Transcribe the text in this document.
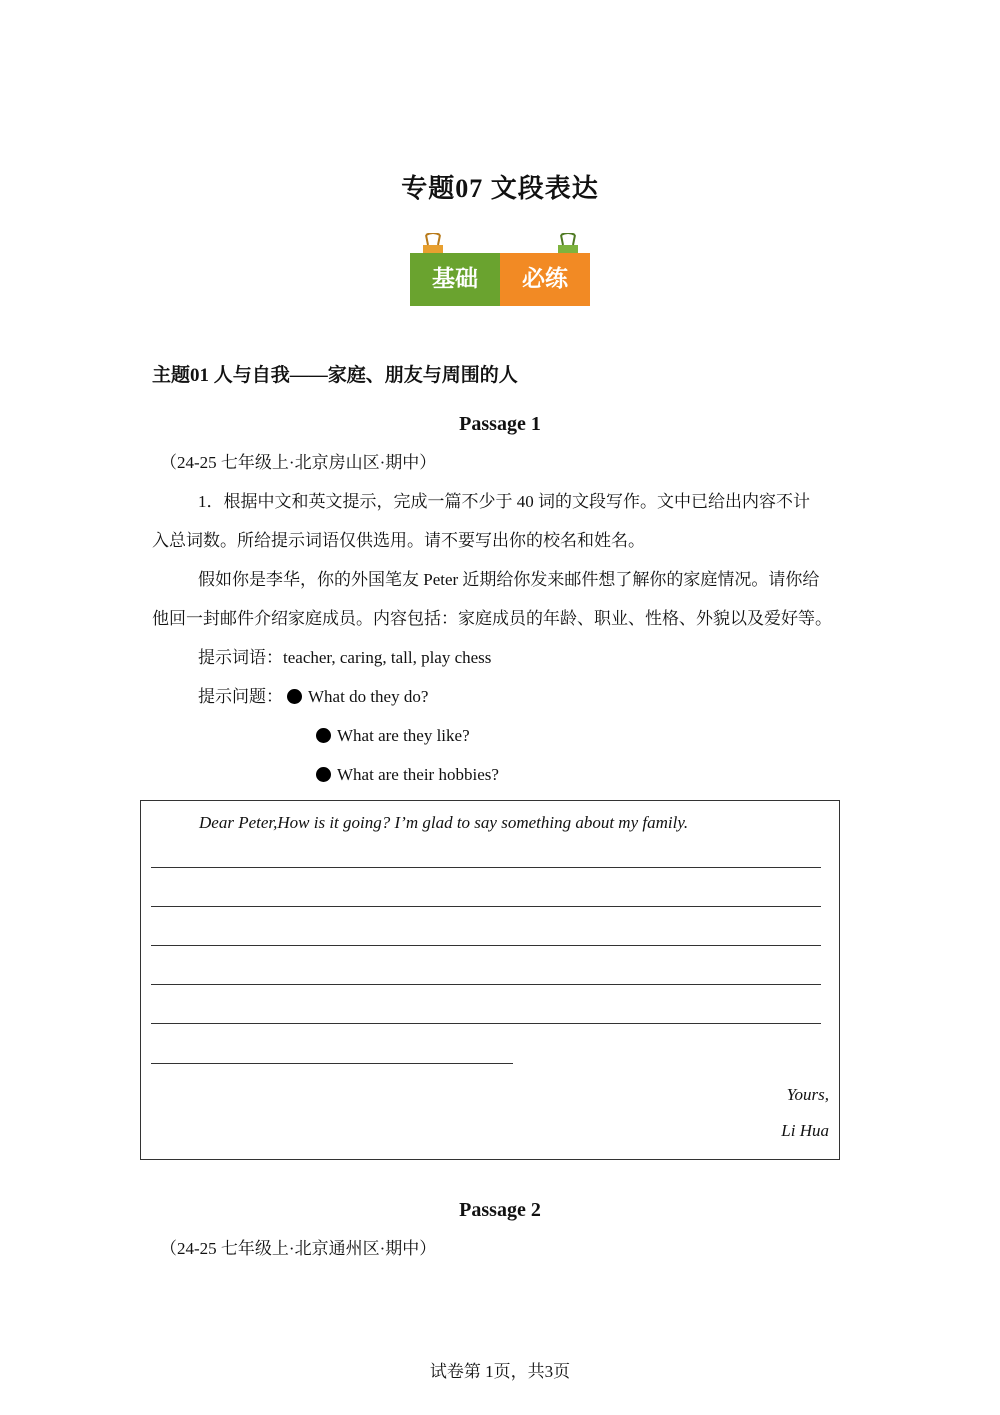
专题07 文段表达
基础	必练
主题01 人与自我——家庭、朋友与周围的人
Passage 1
（24-25 七年级上·北京房山区·期中）
1．根据中文和英文提示，完成一篇不少于 40 词的文段写作。文中已给出内容不计
入总词数。所给提示词语仅供选用。请不要写出你的校名和姓名。
假如你是李华，你的外国笔友 Peter 近期给你发来邮件想了解你的家庭情况。请你给
他回一封邮件介绍家庭成员。内容包括：家庭成员的年龄、职业、性格、外貌以及爱好等。
提示词语：teacher, caring, tall, play chess
提示问题：	What do they do?
What are they like?
What are their hobbies?
Dear Peter,How is it going? I’m glad to say something about my family.
Yours,
Li Hua
Passage 2
（24-25 七年级上·北京通州区·期中）
试卷第 1页，共3页
